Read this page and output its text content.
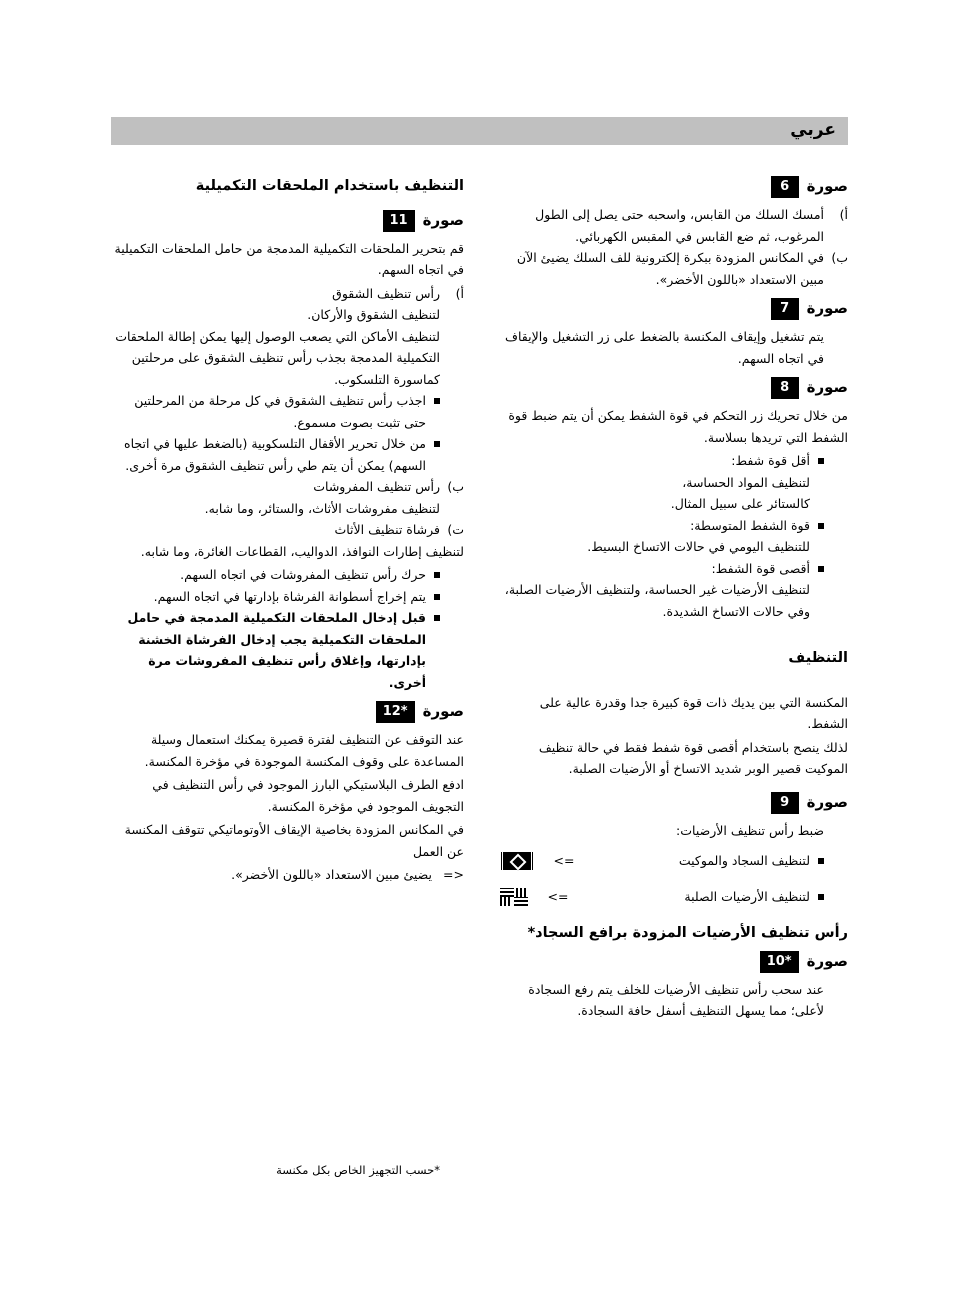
عربي
صورة
6
أ)
أمسك السلك من القابس، واسحبه حتى يصل إلى الطول المرغوب، ثم ضع القابس في المقبس الكهربائي.
ب)
في المكانس المزودة ببكرة إلكترونية للف السلك يضيئ الآن مبين الاستعداد «باللون الأخضر».
صورة
7
يتم تشغيل وإيقاف المكنسة بالضغط على زر التشغيل والإيقاف في اتجاه السهم.
صورة
8
من خلال تحريك زر التحكم في قوة الشفط يمكن أن يتم ضبط قوة الشفط التي تريدها بسلاسة.
أقل قوة شفط:
لتنظيف المواد الحساسة،
كالستائر على سبيل المثال.
قوة الشفط المتوسطة:
للتنظيف اليومي في حالات الاتساخ البسيط.
أقصى قوة الشفط:
لتنظيف الأرضيات غير الحساسة، ولتنظيف الأرضيات الصلبة، وفي حالات الاتساخ الشديدة.
التنظيف
المكنسة التي بين يديك ذات قوة كبيرة جدا وقدرة عالية على الشفط.
لذلك ينصح باستخدام أقصى قوة شفط فقط في حالة تنظيف الموكيت قصير الوبر شديد الاتساخ أو الأرضيات الصلبة.
صورة
9
ضبط رأس تنظيف الأرضيات:
لتنظيف السجاد والموكيت
<=
لتنظيف الأرضيات الصلبة
<=
رأس تنظيف الأرضيات المزودة برافع السجاد*
صورة
10*
عند سحب رأس تنظيف الأرضيات للخلف يتم رفع السجادة لأعلى؛ مما يسهل التنظيف أسفل حافة السجادة.
التنظيف باستخدام الملحقات التكميلية
صورة
11
قم بتحرير الملحقات التكميلية المدمجة من حامل الملحقات التكميلية في اتجاه السهم.
أ)
رأس تنظيف الشقوق
لتنظيف الشقوق والأركان.
لتنظيف الأماكن التي يصعب الوصول إليها يمكن إطالة الملحقات التكميلية المدمجة بجذب رأس تنظيف الشقوق على مرحلتين كماسورة التلسكوب.
اجذب رأس تنظيف الشقوق في كل مرحلة من المرحلتين حتى تثبت بصوت مسموع.
من خلال تحرير الأقفال التلسكوبية (بالضغط عليها في اتجاه السهم) يمكن أن يتم طي رأس تنظيف الشقوق مرة أخرى.
ب)
رأس تنظيف المفروشات
لتنظيف مفروشات الأثاث، والستائر، وما شابه.
ت)
فرشاة تنظيف الأثاث
لتنظيف إطارات النوافذ، الدواليب، القطاعات الغائرة، وما شابه.
حرك رأس تنظيف المفروشات في اتجاه السهم.
يتم إخراج أسطوانة الفرشاة بإدارتها في اتجاه السهم.
قبل إدخال الملحقات التكميلية المدمجة في حامل الملحقات التكميلية يجب إدخال الفرشاة الخشنة بإدارتها، وإغلاق رأس تنظيف المفروشات مرة أخرى.
صورة
12*
عند التوقف عن التنظيف لفترة قصيرة يمكنك استعمال وسيلة المساعدة على وقوف المكنسة الموجودة في مؤخرة المكنسة.
ادفع الطرف البلاستيكي البارز الموجود في رأس التنظيف في التجويف الموجود في مؤخرة المكنسة.
في المكانس المزودة بخاصية الإيقاف الأوتوماتيكي تتوقف المكنسة عن العمل
=>
يضيئ مبين الاستعداد «باللون الأخضر».
*حسب التجهيز الخاص بكل مكنسة
